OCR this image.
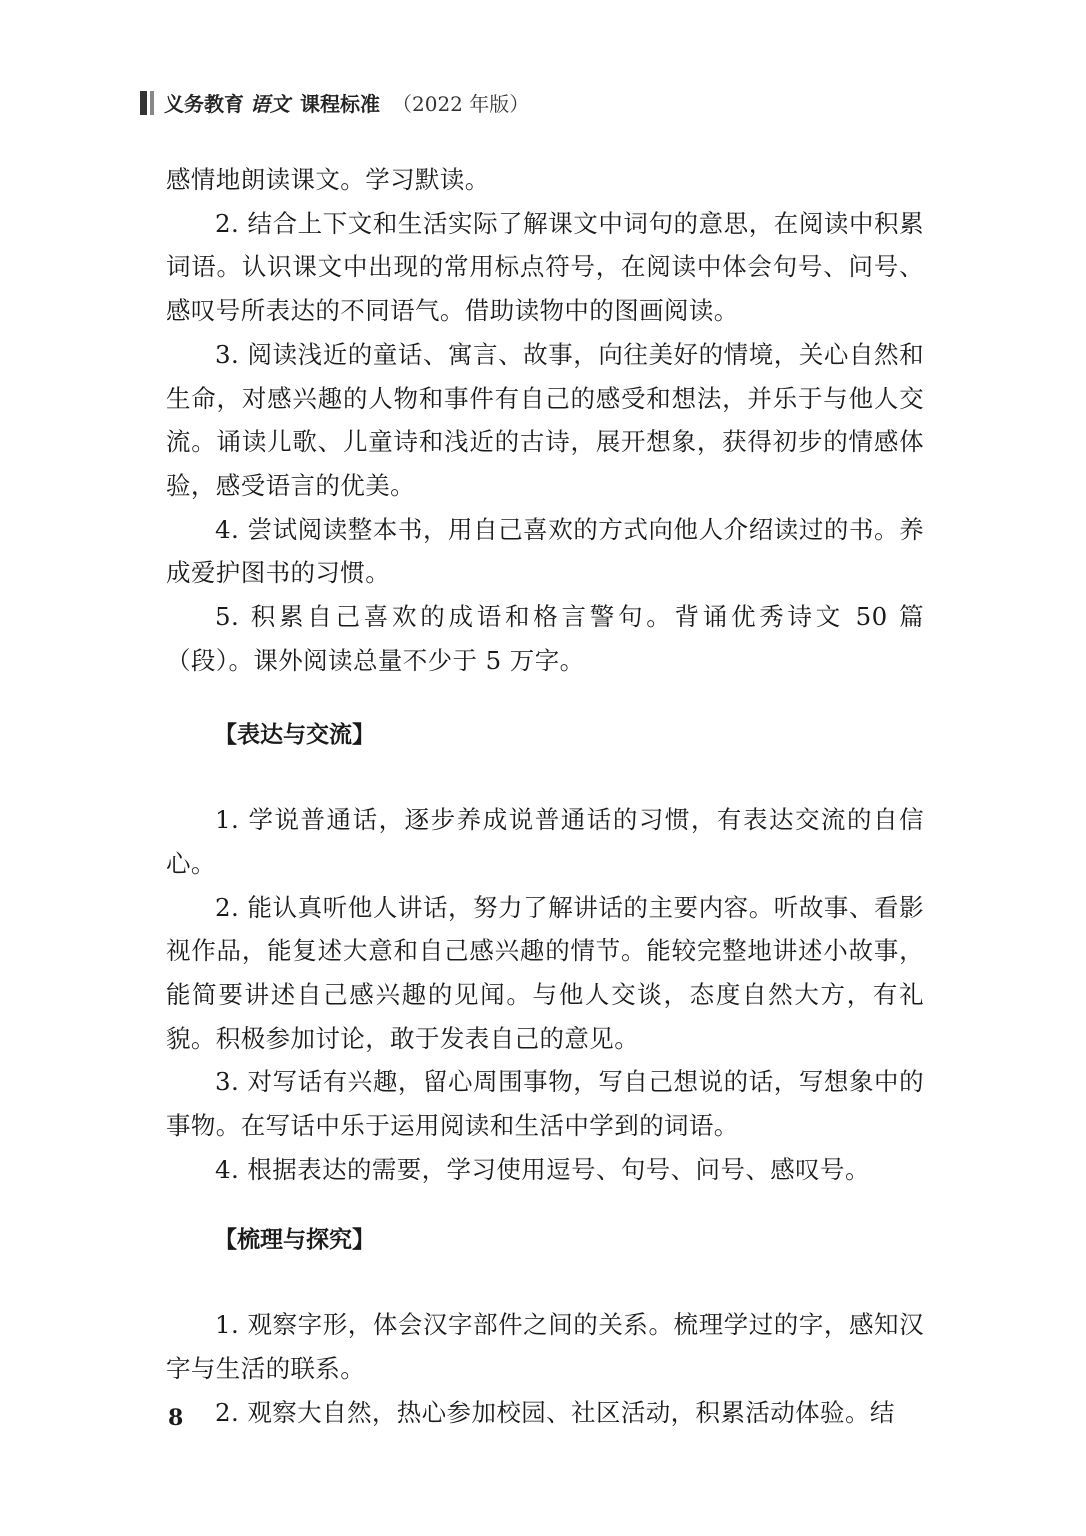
义务教育 语文 课程标准 （2022 年版）

感情地朗读课文。学习默读。

2. 结合上下文和生活实际了解课文中词句的意思，在阅读中积累词语。认识课文中出现的常用标点符号，在阅读中体会句号、问号、感叹号所表达的不同语气。借助读物中的图画阅读。

3. 阅读浅近的童话、寓言、故事，向往美好的情境，关心自然和生命，对感兴趣的人物和事件有自己的感受和想法，并乐于与他人交流。诵读儿歌、儿童诗和浅近的古诗，展开想象，获得初步的情感体验，感受语言的优美。

4. 尝试阅读整本书，用自己喜欢的方式向他人介绍读过的书。养成爱护图书的习惯。

5. 积累自己喜欢的成语和格言警句。背诵优秀诗文 50 篇（段）。课外阅读总量不少于 5 万字。

【表达与交流】

1. 学说普通话，逐步养成说普通话的习惯，有表达交流的自信心。

2. 能认真听他人讲话，努力了解讲话的主要内容。听故事、看影视作品，能复述大意和自己感兴趣的情节。能较完整地讲述小故事，能简要讲述自己感兴趣的见闻。与他人交谈，态度自然大方，有礼貌。积极参加讨论，敢于发表自己的意见。

3. 对写话有兴趣，留心周围事物，写自己想说的话，写想象中的事物。在写话中乐于运用阅读和生活中学到的词语。

4. 根据表达的需要，学习使用逗号、句号、问号、感叹号。

【梳理与探究】

1. 观察字形，体会汉字部件之间的关系。梳理学过的字，感知汉字与生活的联系。

2. 观察大自然，热心参加校园、社区活动，积累活动体验。结

8
